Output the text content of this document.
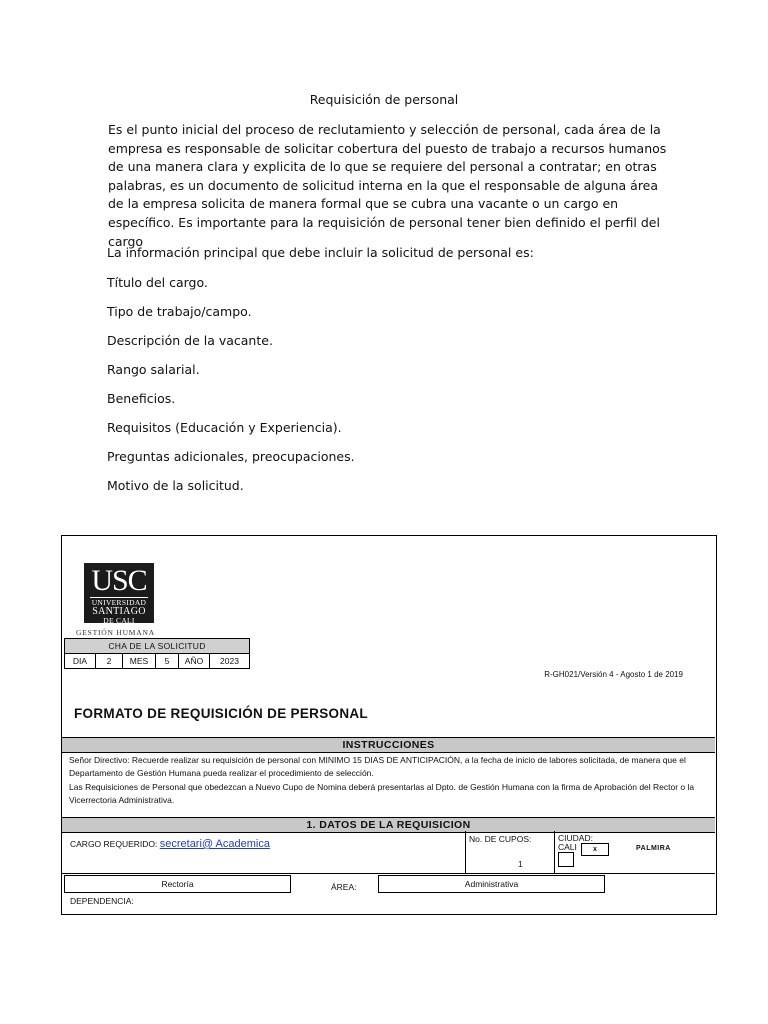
Requisición de personal
Es el punto inicial del proceso de reclutamiento y selección de personal, cada área de la empresa es responsable de solicitar cobertura del puesto de trabajo a recursos humanos de una manera clara y explicita de lo que se requiere del personal a contratar; en otras palabras, es un documento de solicitud interna en la que el responsable de alguna área de la empresa solicita de manera formal que se cubra una vacante o un cargo en específico. Es importante para la requisición de personal tener bien definido el perfil del cargo
La información principal que debe incluir la solicitud de personal es:
Título del cargo.
Tipo de trabajo/campo.
Descripción de la vacante.
Rango salarial.
Beneficios.
Requisitos (Educación y Experiencia).
Preguntas adicionales, preocupaciones.
Motivo de la solicitud.
USC
UNIVERSIDAD
SANTIAGO
DE CALI
GESTIÓN HUMANA
CHA DE LA SOLICITUD
DIA	2	MES	5	AÑO	2023
R-GH021/Versión 4 - Agosto 1 de 2019
FORMATO DE REQUISICIÓN DE PERSONAL
INSTRUCCIONES
Señor Directivo: Recuerde realizar su requisición de personal con MINIMO 15 DIAS DE ANTICIPACIÓN, a la fecha de inicio de labores solicitada, de manera que el Departamento de Gestión Humana pueda realizar el procedimiento de selección.
Las Requisiciones de Personal que obedezcan a Nuevo Cupo de Nomina deberá presentarlas al Dpto. de Gestión Humana con la firma de Aprobación del Rector o la Vicerrectoria Administrativa.
1. DATOS DE LA REQUISICION
CARGO REQUERIDO: secretari@ Academica	No. DE CUPOS:
1
CIUDAD:
CALI	x	PALMIRA
Rectoría	ÁREA:	Administrativa
DEPENDENCIA:
